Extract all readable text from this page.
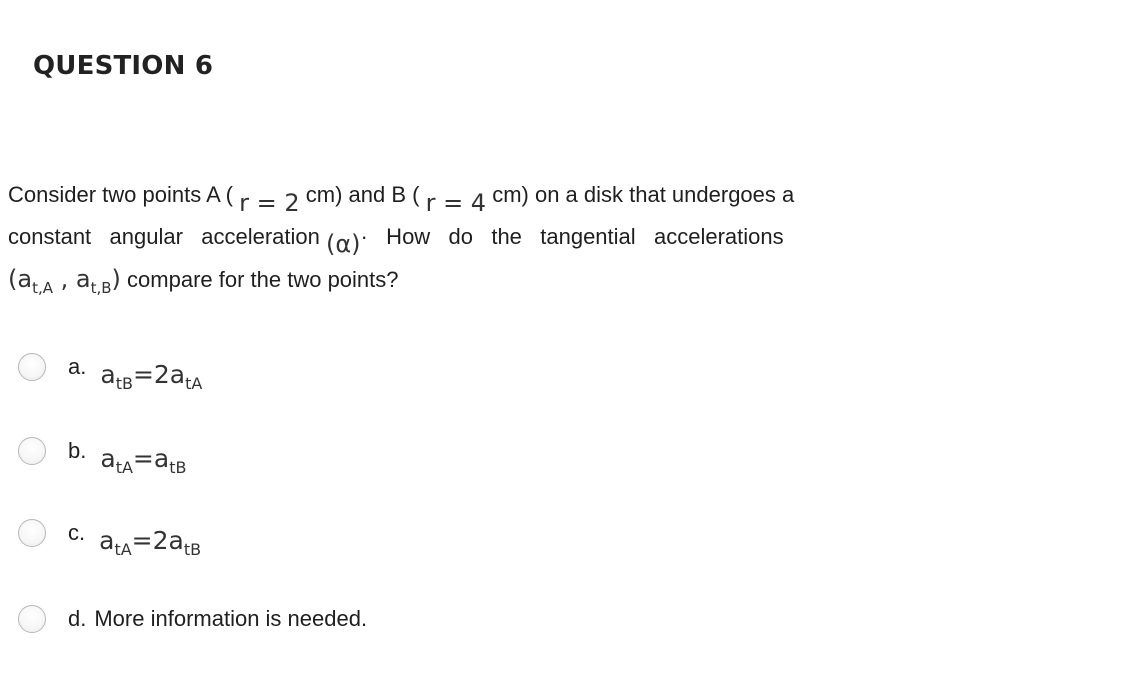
QUESTION 6
Consider two points A ( r = 2 cm) and B ( r = 4 cm) on a disk that undergoes a
constant   angular   acceleration (α)·   How   do   the   tangential   accelerations
($a_{t,A}$ , $a_{t,B}$) compare for the two points?
a. $a_{tB}=2a_{tA}$
b. $a_{tA}=a_{tB}$
c. $a_{tA}=2a_{tB}$
d. More information is needed.
